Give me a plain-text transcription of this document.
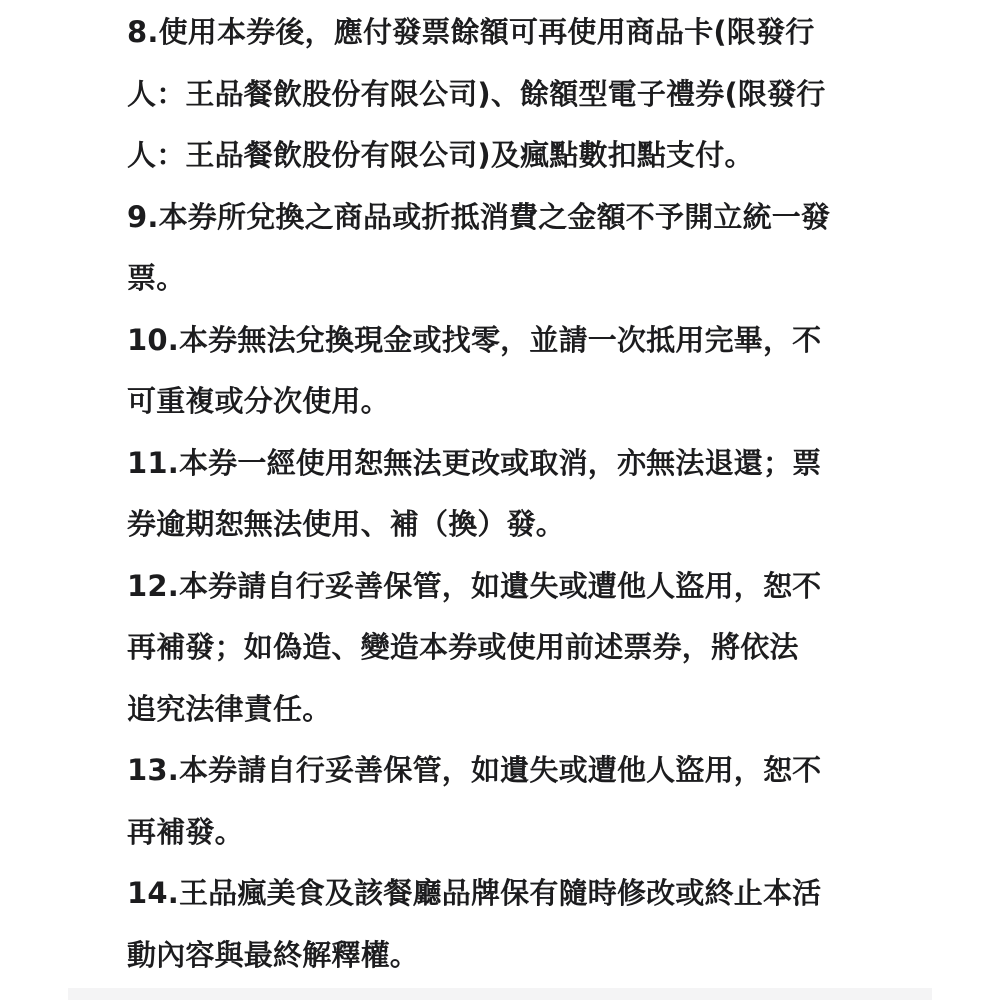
8.使用本券後，應付發票餘額可再使用商品卡(限發行
人：王品餐飲股份有限公司)、餘額型電子禮券(限發行
人：王品餐飲股份有限公司)及瘋點數扣點支付。
9.本券所兌換之商品或折抵消費之金額不予開立統一發
票。
10.本券無法兌換現金或找零，並請一次抵用完畢，不
可重複或分次使用。
11.本券一經使用恕無法更改或取消，亦無法退還；票
券逾期恕無法使用、補（換）發。
12.本券請自行妥善保管，如遺失或遭他人盜用，恕不
再補發；如偽造、變造本券或使用前述票券，將依法
追究法律責任。
13.本券請自行妥善保管，如遺失或遭他人盜用，恕不
再補發。
14.王品瘋美食及該餐廳品牌保有隨時修改或終止本活
動內容與最終解釋權。
